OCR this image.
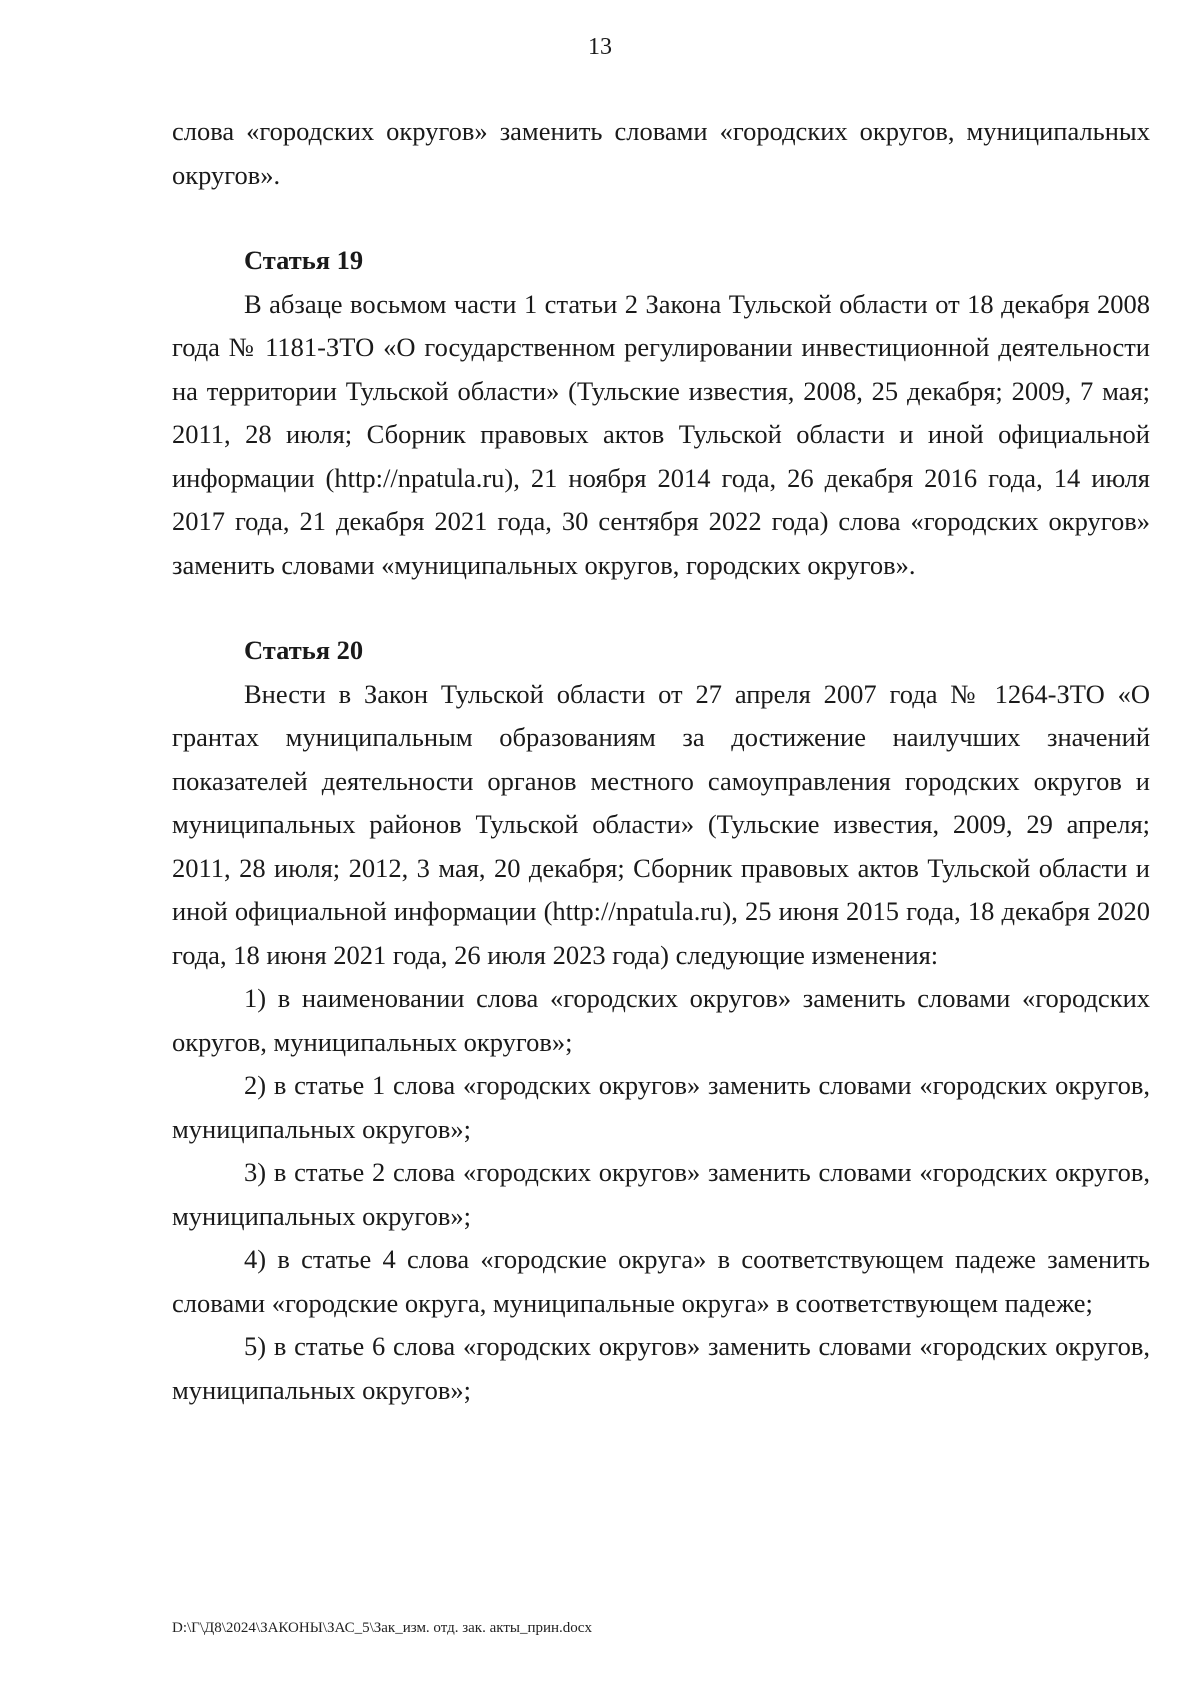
13

слова «городских округов» заменить словами «городских округов, муниципальных округов».

Статья 19

В абзаце восьмом части 1 статьи 2 Закона Тульской области от 18 декабря 2008 года № 1181-ЗТО «О государственном регулировании инвестиционной деятельности на территории Тульской области» (Тульские известия, 2008, 25 декабря; 2009, 7 мая; 2011, 28 июля; Сборник правовых актов Тульской области и иной официальной информации (http://npatula.ru), 21 ноября 2014 года, 26 декабря 2016 года, 14 июля 2017 года, 21 декабря 2021 года, 30 сентября 2022 года) слова «городских округов» заменить словами «муниципальных округов, городских округов».

Статья 20

Внести в Закон Тульской области от 27 апреля 2007 года № 1264-ЗТО «О грантах муниципальным образованиям за достижение наилучших значений показателей деятельности органов местного самоуправления городских округов и муниципальных районов Тульской области» (Тульские известия, 2009, 29 апреля; 2011, 28 июля; 2012, 3 мая, 20 декабря; Сборник правовых актов Тульской области и иной официальной информации (http://npatula.ru), 25 июня 2015 года, 18 декабря 2020 года, 18 июня 2021 года, 26 июля 2023 года) следующие изменения:

1) в наименовании слова «городских округов» заменить словами «городских округов, муниципальных округов»;

2) в статье 1 слова «городских округов» заменить словами «городских округов, муниципальных округов»;

3) в статье 2 слова «городских округов» заменить словами «городских округов, муниципальных округов»;

4) в статье 4 слова «городские округа» в соответствующем падеже заменить словами «городские округа, муниципальные округа» в соответствующем падеже;

5) в статье 6 слова «городских округов» заменить словами «городских округов, муниципальных округов»;

D:\Г\Д8\2024\ЗАКОНЫ\ЗАС_5\Зак_изм. отд. зак. акты_прин.docx
